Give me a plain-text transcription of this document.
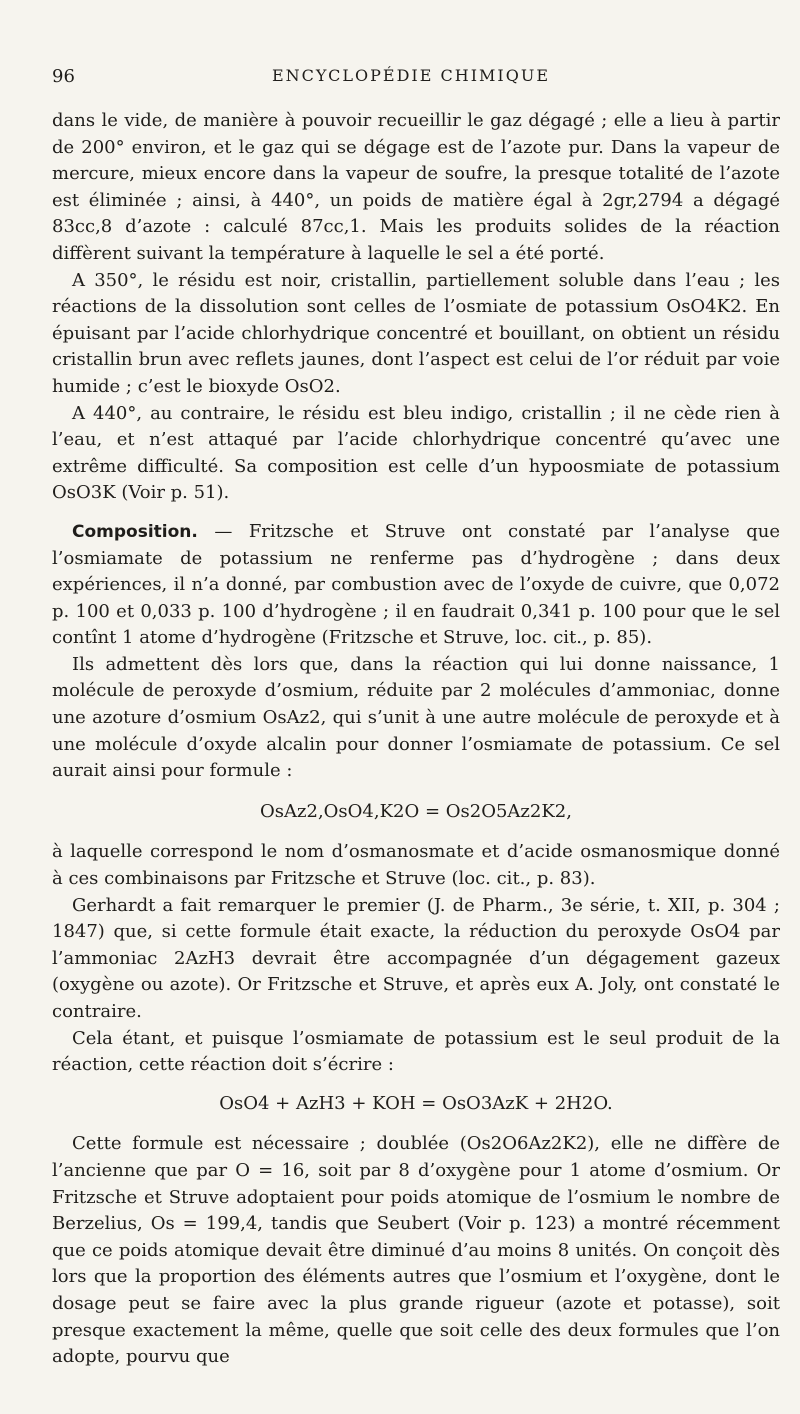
96	ENCYCLOPÉDIE CHIMIQUE

dans le vide, de manière à pouvoir recueillir le gaz dégagé ; elle a lieu à partir de 200° environ, et le gaz qui se dégage est de l’azote pur. Dans la vapeur de mercure, mieux encore dans la vapeur de soufre, la presque totalité de l’azote est éliminée ; ainsi, à 440°, un poids de matière égal à 2gr,2794 a dégagé 83cc,8 d’azote : calculé 87cc,1. Mais les produits solides de la réaction diffèrent suivant la température à laquelle le sel a été porté.

A 350°, le résidu est noir, cristallin, partiellement soluble dans l’eau ; les réactions de la dissolution sont celles de l’osmiate de potassium OsO4K2. En épuisant par l’acide chlorhydrique concentré et bouillant, on obtient un résidu cristallin brun avec reflets jaunes, dont l’aspect est celui de l’or réduit par voie humide ; c’est le bioxyde OsO2.

A 440°, au contraire, le résidu est bleu indigo, cristallin ; il ne cède rien à l’eau, et n’est attaqué par l’acide chlorhydrique concentré qu’avec une extrême difficulté. Sa composition est celle d’un hypoosmiate de potassium OsO3K (Voir p. 51).

Composition. — Fritzsche et Struve ont constaté par l’analyse que l’osmiamate de potassium ne renferme pas d’hydrogène ; dans deux expériences, il n’a donné, par combustion avec de l’oxyde de cuivre, que 0,072 p. 100 et 0,033 p. 100 d’hydrogène ; il en faudrait 0,341 p. 100 pour que le sel contînt 1 atome d’hydrogène (Fritzsche et Struve, loc. cit., p. 85).

Ils admettent dès lors que, dans la réaction qui lui donne naissance, 1 molécule de peroxyde d’osmium, réduite par 2 molécules d’ammoniac, donne une azoture d’osmium OsAz2, qui s’unit à une autre molécule de peroxyde et à une molécule d’oxyde alcalin pour donner l’osmiamate de potassium. Ce sel aurait ainsi pour formule :

OsAz2,OsO4,K2O = Os2O5Az2K2,

à laquelle correspond le nom d’osmanosmate et d’acide osmanosmique donné à ces combinaisons par Fritzsche et Struve (loc. cit., p. 83).

Gerhardt a fait remarquer le premier (J. de Pharm., 3e série, t. XII, p. 304 ; 1847) que, si cette formule était exacte, la réduction du peroxyde OsO4 par l’ammoniac 2AzH3 devrait être accompagnée d’un dégagement gazeux (oxygène ou azote). Or Fritzsche et Struve, et après eux A. Joly, ont constaté le contraire.

Cela étant, et puisque l’osmiamate de potassium est le seul produit de la réaction, cette réaction doit s’écrire :

OsO4 + AzH3 + KOH = OsO3AzK + 2H2O.

Cette formule est nécessaire ; doublée (Os2O6Az2K2), elle ne diffère de l’ancienne que par O = 16, soit par 8 d’oxygène pour 1 atome d’osmium. Or Fritzsche et Struve adoptaient pour poids atomique de l’osmium le nombre de Berzelius, Os = 199,4, tandis que Seubert (Voir p. 123) a montré récemment que ce poids atomique devait être diminué d’au moins 8 unités. On conçoit dès lors que la proportion des éléments autres que l’osmium et l’oxygène, dont le dosage peut se faire avec la plus grande rigueur (azote et potasse), soit presque exactement la même, quelle que soit celle des deux formules que l’on adopte, pourvu que
